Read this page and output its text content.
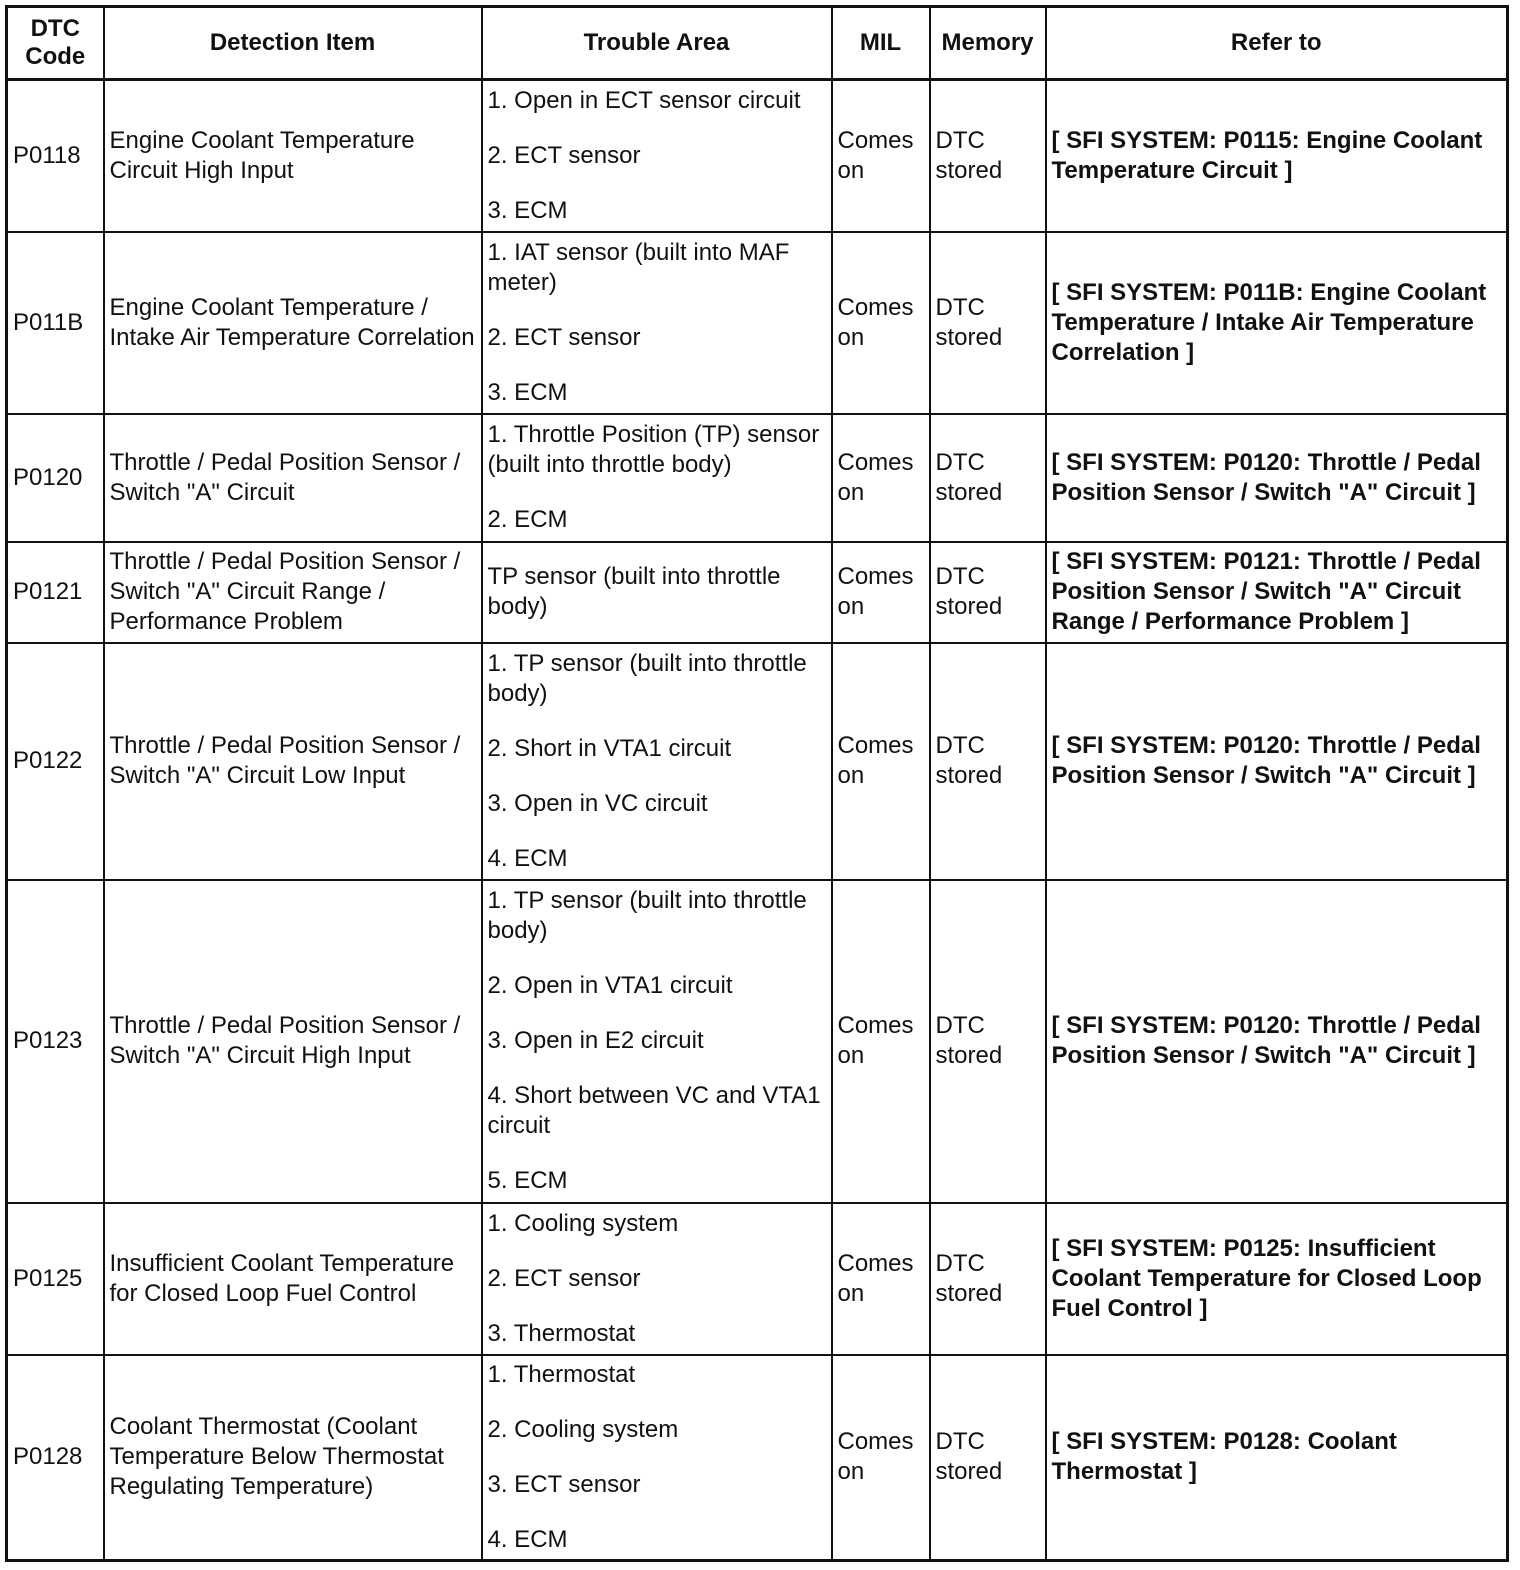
DTC
Code	Detection Item	Trouble Area	MIL	Memory	Refer to
P0118	Engine Coolant Temperature Circuit High Input	1. Open in ECT sensor circuit
2. ECT sensor
3. ECM	Comes on	DTC stored	[ SFI SYSTEM: P0115: Engine Coolant Temperature Circuit ]
P011B	Engine Coolant Temperature / Intake Air Temperature Correlation	1. IAT sensor (built into MAF meter)
2. ECT sensor
3. ECM	Comes on	DTC stored	[ SFI SYSTEM: P011B: Engine Coolant Temperature / Intake Air Temperature Correlation ]
P0120	Throttle / Pedal Position Sensor / Switch "A" Circuit	1. Throttle Position (TP) sensor (built into throttle body)
2. ECM	Comes on	DTC stored	[ SFI SYSTEM: P0120: Throttle / Pedal Position Sensor / Switch "A" Circuit ]
P0121	Throttle / Pedal Position Sensor / Switch "A" Circuit Range / Performance Problem	TP sensor (built into throttle body)	Comes on	DTC stored	[ SFI SYSTEM: P0121: Throttle / Pedal Position Sensor / Switch "A" Circuit Range / Performance Problem ]
P0122	Throttle / Pedal Position Sensor / Switch "A" Circuit Low Input	1. TP sensor (built into throttle body)
2. Short in VTA1 circuit
3. Open in VC circuit
4. ECM	Comes on	DTC stored	[ SFI SYSTEM: P0120: Throttle / Pedal Position Sensor / Switch "A" Circuit ]
P0123	Throttle / Pedal Position Sensor / Switch "A" Circuit High Input	1. TP sensor (built into throttle body)
2. Open in VTA1 circuit
3. Open in E2 circuit
4. Short between VC and VTA1 circuit
5. ECM	Comes on	DTC stored	[ SFI SYSTEM: P0120: Throttle / Pedal Position Sensor / Switch "A" Circuit ]
P0125	Insufficient Coolant Temperature for Closed Loop Fuel Control	1. Cooling system
2. ECT sensor
3. Thermostat	Comes on	DTC stored	[ SFI SYSTEM: P0125: Insufficient Coolant Temperature for Closed Loop Fuel Control ]
P0128	Coolant Thermostat (Coolant Temperature Below Thermostat Regulating Temperature)	1. Thermostat
2. Cooling system
3. ECT sensor
4. ECM	Comes on	DTC stored	[ SFI SYSTEM: P0128: Coolant Thermostat ]
